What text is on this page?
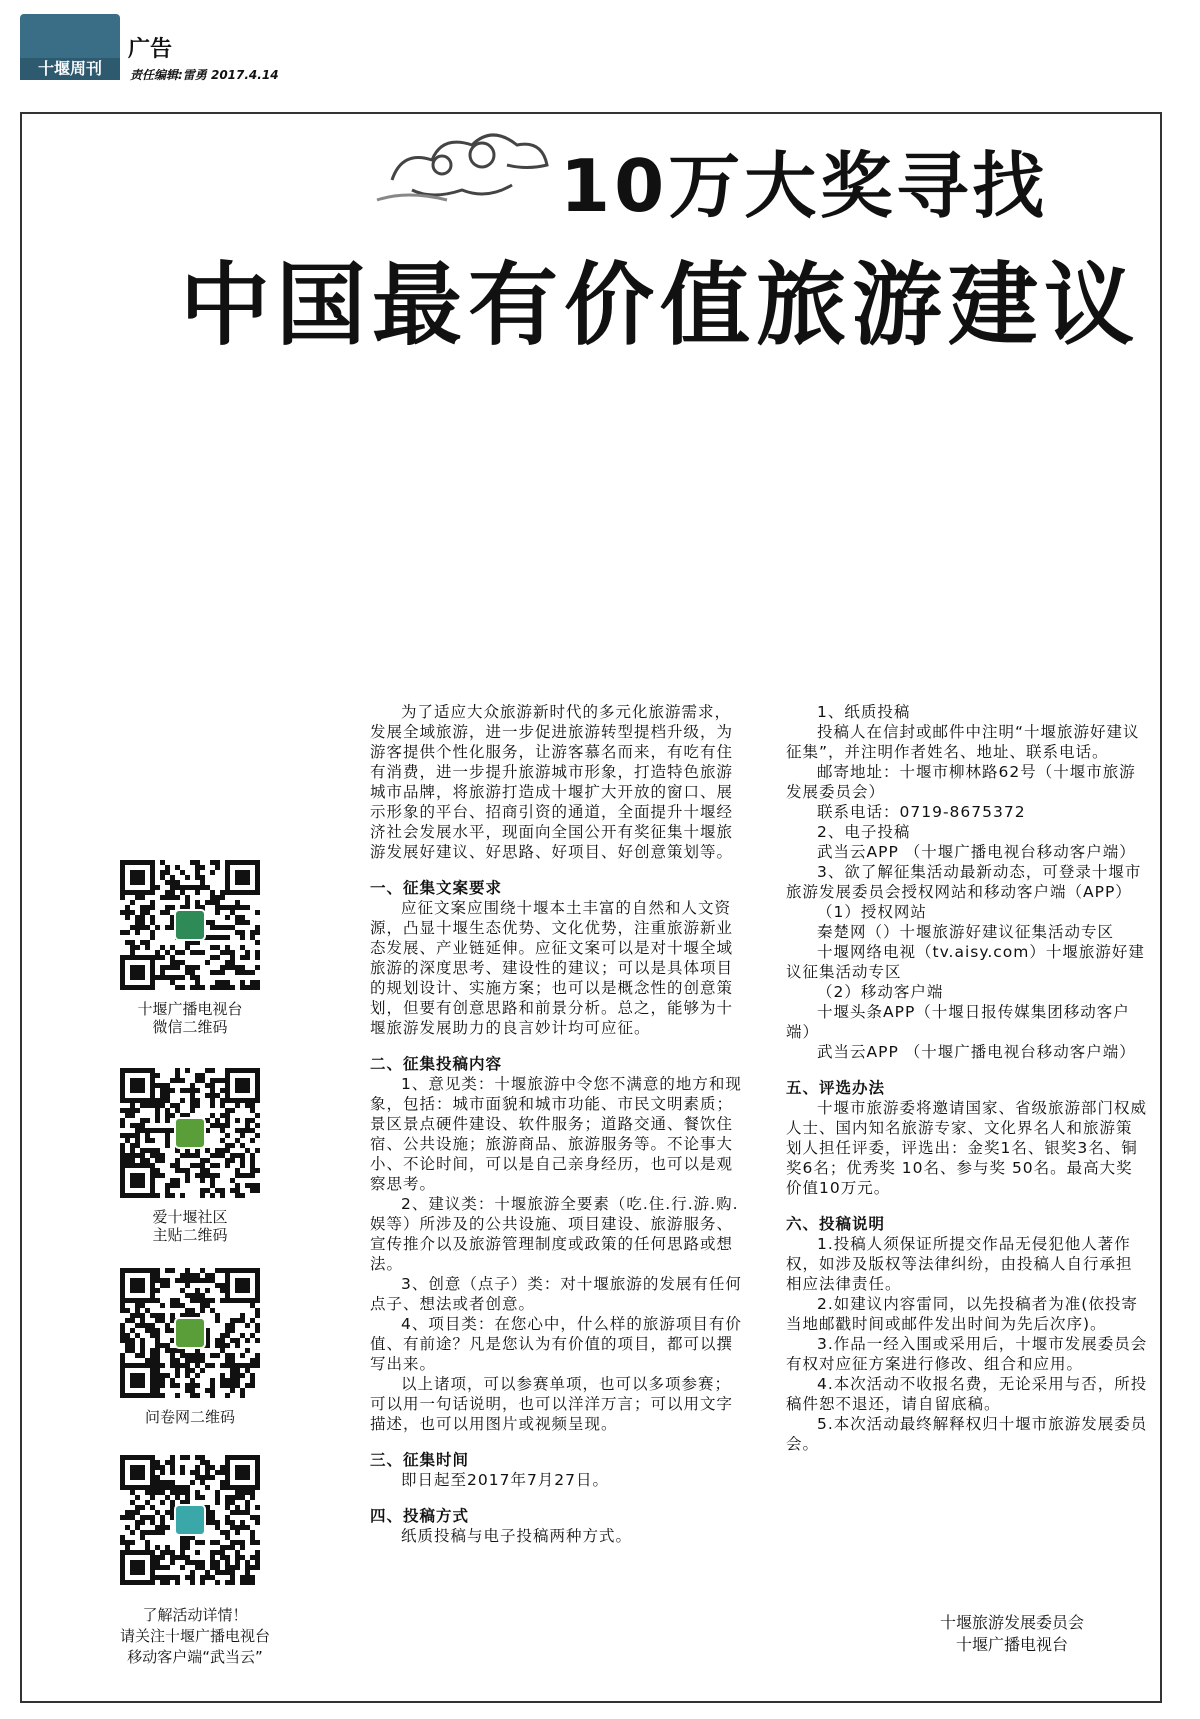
十堰周刊
广告
责任编辑:雷勇 2017.4.14
10万大奖寻找
中国最有价值旅游建议
十堰广播电视台
微信二维码
爱十堰社区
主贴二维码
问卷网二维码
了解活动详情！
请关注十堰广播电视台
移动客户端“武当云”

为了适应大众旅游新时代的多元化旅游需求，发展全域旅游，进一步促进旅游转型提档升级，为游客提供个性化服务，让游客慕名而来，有吃有住有消费，进一步提升旅游城市形象，打造特色旅游城市品牌，将旅游打造成十堰扩大开放的窗口、展示形象的平台、招商引资的通道，全面提升十堰经济社会发展水平，现面向全国公开有奖征集十堰旅游发展好建议、好思路、好项目、好创意策划等。

一、征集文案要求

应征文案应围绕十堰本土丰富的自然和人文资源，凸显十堰生态优势、文化优势，注重旅游新业态发展、产业链延伸。应征文案可以是对十堰全域旅游的深度思考、建设性的建议；可以是具体项目的规划设计、实施方案；也可以是概念性的创意策划，但要有创意思路和前景分析。总之，能够为十堰旅游发展助力的良言妙计均可应征。

二、征集投稿内容

1、意见类：十堰旅游中令您不满意的地方和现象，包括：城市面貌和城市功能、市民文明素质；景区景点硬件建设、软件服务；道路交通、餐饮住宿、公共设施；旅游商品、旅游服务等。不论事大小、不论时间，可以是自己亲身经历，也可以是观察思考。

2、建议类：十堰旅游全要素（吃.住.行.游.购.娱等）所涉及的公共设施、项目建设、旅游服务、宣传推介以及旅游管理制度或政策的任何思路或想法。

3、创意（点子）类：对十堰旅游的发展有任何点子、想法或者创意。

4、项目类：在您心中，什么样的旅游项目有价值、有前途？凡是您认为有价值的项目，都可以撰写出来。

以上诸项，可以参赛单项，也可以多项参赛；可以用一句话说明，也可以洋洋万言；可以用文字描述，也可以用图片或视频呈现。

三、征集时间

即日起至2017年7月27日。

四、投稿方式

纸质投稿与电子投稿两种方式。

1、纸质投稿

投稿人在信封或邮件中注明“十堰旅游好建议征集”，并注明作者姓名、地址、联系电话。

邮寄地址：十堰市柳林路62号（十堰市旅游发展委员会）

联系电话：0719-8675372

2、电子投稿

武当云APP （十堰广播电视台移动客户端）

3、欲了解征集活动最新动态，可登录十堰市旅游发展委员会授权网站和移动客户端（APP）

（1）授权网站

秦楚网（）十堰旅游好建议征集活动专区

十堰网络电视（tv.aisy.com）十堰旅游好建议征集活动专区

（2）移动客户端

十堰头条APP（十堰日报传媒集团移动客户端）

武当云APP （十堰广播电视台移动客户端）

五、评选办法

十堰市旅游委将邀请国家、省级旅游部门权威人士、国内知名旅游专家、文化界名人和旅游策划人担任评委，评选出：金奖1名、银奖3名、铜奖6名；优秀奖 10名、参与奖 50名。最高大奖价值10万元。

六、投稿说明

1.投稿人须保证所提交作品无侵犯他人著作权，如涉及版权等法律纠纷，由投稿人自行承担相应法律责任。

2.如建议内容雷同，以先投稿者为准(依投寄当地邮戳时间或邮件发出时间为先后次序)。

3.作品一经入围或采用后，十堰市发展委员会有权对应征方案进行修改、组合和应用。

4.本次活动不收报名费，无论采用与否，所投稿件恕不退还，请自留底稿。

5.本次活动最终解释权归十堰市旅游发展委员会。

十堰旅游发展委员会
十堰广播电视台
